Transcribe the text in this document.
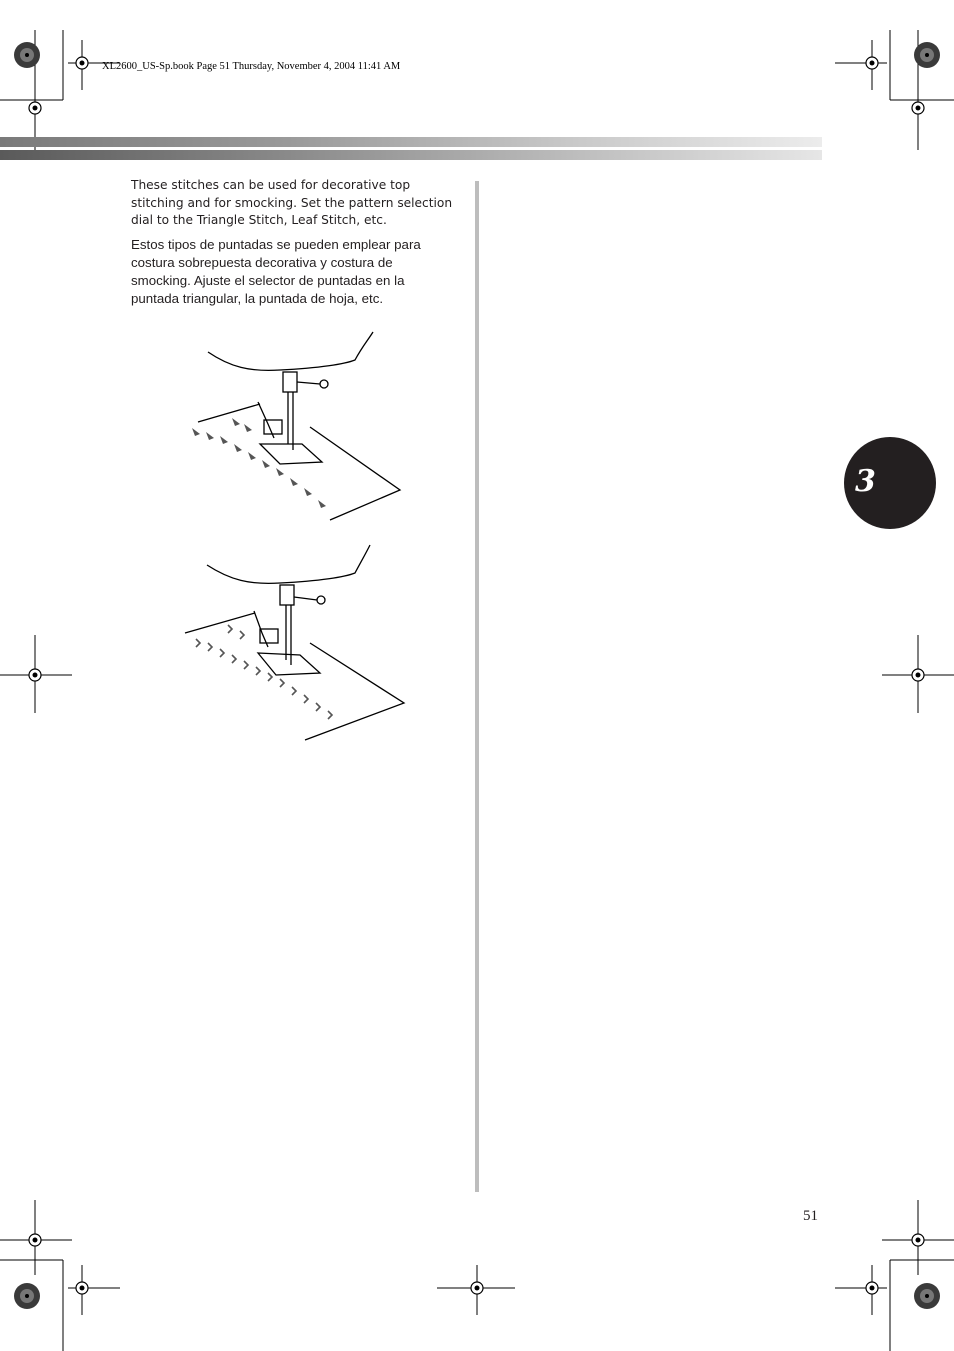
XL2600_US-Sp.book Page 51 Thursday, November 4, 2004 11:41 AM

These stitches can be used for decorative top stitching and for smocking. Set the pattern selection dial to the Triangle Stitch, Leaf Stitch, etc.

Estos tipos de puntadas se pueden emplear para costura sobrepuesta decorativa y costura de smocking. Ajuste el selector de puntadas en la puntada triangular, la puntada de hoja, etc.

3
51
